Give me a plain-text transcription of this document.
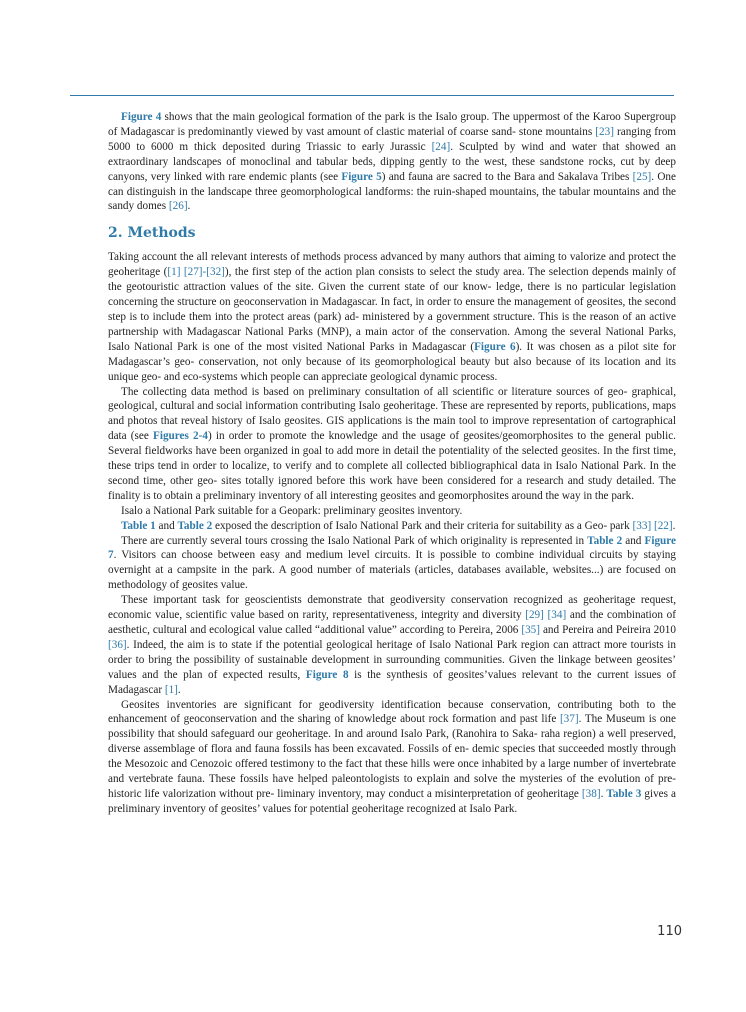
Figure 4 shows that the main geological formation of the park is the Isalo group. The uppermost of the Karoo Supergroup of Madagascar is predominantly viewed by vast amount of clastic material of coarse sand- stone mountains [23] ranging from 5000 to 6000 m thick deposited during Triassic to early Jurassic [24]. Sculpted by wind and water that showed an extraordinary landscapes of monoclinal and tabular beds, dipping gently to the west, these sandstone rocks, cut by deep canyons, very linked with rare endemic plants (see Figure 5) and fauna are sacred to the Bara and Sakalava Tribes [25]. One can distinguish in the landscape three geomorphological landforms: the ruin-shaped mountains, the tabular mountains and the sandy domes [26].

2. Methods

Taking account the all relevant interests of methods process advanced by many authors that aiming to valorize and protect the geoheritage ([1] [27]-[32]), the first step of the action plan consists to select the study area. The selection depends mainly of the geotouristic attraction values of the site. Given the current state of our know- ledge, there is no particular legislation concerning the structure on geoconservation in Madagascar. In fact, in order to ensure the management of geosites, the second step is to include them into the protect areas (park) ad- ministered by a government structure. This is the reason of an active partnership with Madagascar National Parks (MNP), a main actor of the conservation. Among the several National Parks, Isalo National Park is one of the most visited National Parks in Madagascar (Figure 6). It was chosen as a pilot site for Madagascar’s geo- conservation, not only because of its geomorphological beauty but also because of its location and its unique geo- and eco-systems which people can appreciate geological dynamic process.

The collecting data method is based on preliminary consultation of all scientific or literature sources of geo- graphical, geological, cultural and social information contributing Isalo geoheritage. These are represented by reports, publications, maps and photos that reveal history of Isalo geosites. GIS applications is the main tool to improve representation of cartographical data (see Figures 2-4) in order to promote the knowledge and the usage of geosites/geomorphosites to the general public. Several fieldworks have been organized in goal to add more in detail the potentiality of the selected geosites. In the first time, these trips tend in order to localize, to verify and to complete all collected bibliographical data in Isalo National Park. In the second time, other geo- sites totally ignored before this work have been considered for a research and study detailed. The finality is to obtain a preliminary inventory of all interesting geosites and geomorphosites around the way in the park.

Isalo a National Park suitable for a Geopark: preliminary geosites inventory.

Table 1 and Table 2 exposed the description of Isalo National Park and their criteria for suitability as a Geo- park [33] [22].

There are currently several tours crossing the Isalo National Park of which originality is represented in Table 2 and Figure 7. Visitors can choose between easy and medium level circuits. It is possible to combine individual circuits by staying overnight at a campsite in the park. A good number of materials (articles, databases available, websites...) are focused on methodology of geosites value.

These important task for geoscientists demonstrate that geodiversity conservation recognized as geoheritage request, economic value, scientific value based on rarity, representativeness, integrity and diversity [29] [34] and the combination of aesthetic, cultural and ecological value called “additional value” according to Pereira, 2006 [35] and Pereira and Peireira 2010 [36]. Indeed, the aim is to state if the potential geological heritage of Isalo National Park region can attract more tourists in order to bring the possibility of sustainable development in surrounding communities. Given the linkage between geosites’ values and the plan of expected results, Figure 8 is the synthesis of geosites’values relevant to the current issues of Madagascar [1].

Geosites inventories are significant for geodiversity identification because conservation, contributing both to the enhancement of geoconservation and the sharing of knowledge about rock formation and past life [37]. The Museum is one possibility that should safeguard our geoheritage. In and around Isalo Park, (Ranohira to Saka- raha region) a well preserved, diverse assemblage of flora and fauna fossils has been excavated. Fossils of en- demic species that succeeded mostly through the Mesozoic and Cenozoic offered testimony to the fact that these hills were once inhabited by a large number of invertebrate and vertebrate fauna. These fossils have helped paleontologists to explain and solve the mysteries of the evolution of pre-historic life valorization without pre- liminary inventory, may conduct a misinterpretation of geoheritage [38]. Table 3 gives a preliminary inventory of geosites’ values for potential geoheritage recognized at Isalo Park.

110
